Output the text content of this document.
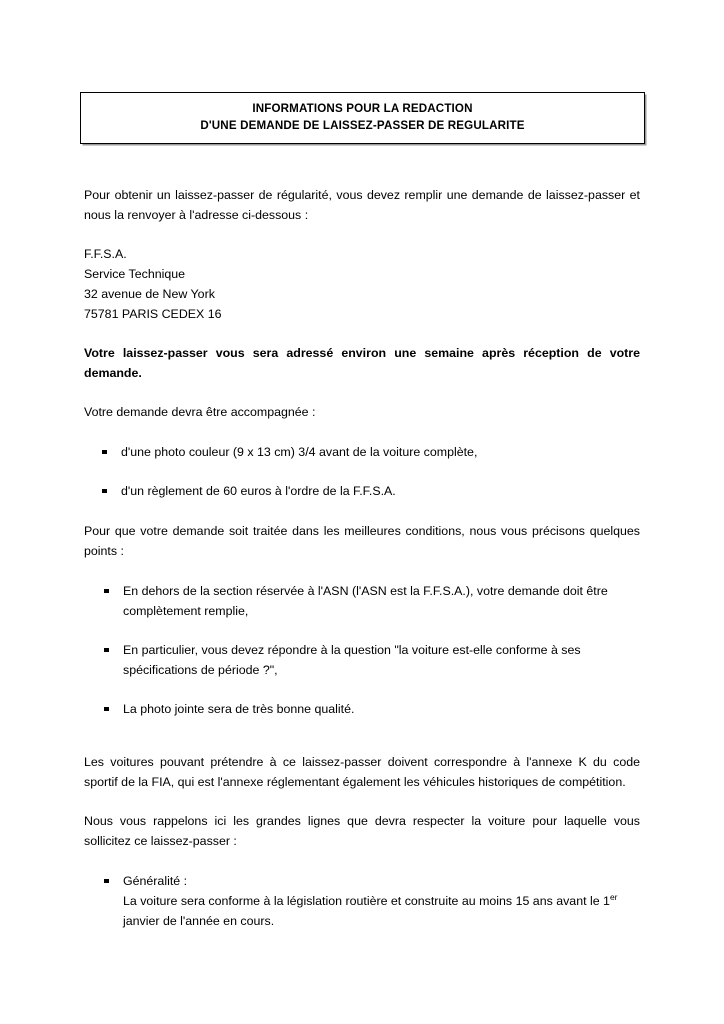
INFORMATIONS POUR LA REDACTION
D'UNE DEMANDE DE LAISSEZ-PASSER DE REGULARITE

Pour obtenir un laissez-passer de régularité, vous devez remplir une demande de laissez-passer et nous la renvoyer à l'adresse ci-dessous :

F.F.S.A.
Service Technique
32 avenue de New York
75781 PARIS CEDEX 16

Votre laissez-passer vous sera adressé environ une semaine après réception de votre demande.

Votre demande devra être accompagnée :

d'une photo couleur (9 x 13 cm) 3/4 avant de la voiture complète,
d'un règlement de 60 euros à l'ordre de la F.F.S.A.

Pour que votre demande soit traitée dans les meilleures conditions, nous vous précisons quelques points :

En dehors de la section réservée à l'ASN (l'ASN est la F.F.S.A.), votre demande doit être complètement remplie,
En particulier, vous devez répondre à la question "la voiture est-elle conforme à ses spécifications de période ?",
La photo jointe sera de très bonne qualité.

Les voitures pouvant prétendre à ce laissez-passer doivent correspondre à l'annexe K du code sportif de la FIA, qui est l'annexe réglementant également les véhicules historiques de compétition.

Nous vous rappelons ici les grandes lignes que devra respecter la voiture pour laquelle vous sollicitez ce laissez-passer :

Généralité :
La voiture sera conforme à la législation routière et construite au moins 15 ans avant le 1er janvier de l'année en cours.
